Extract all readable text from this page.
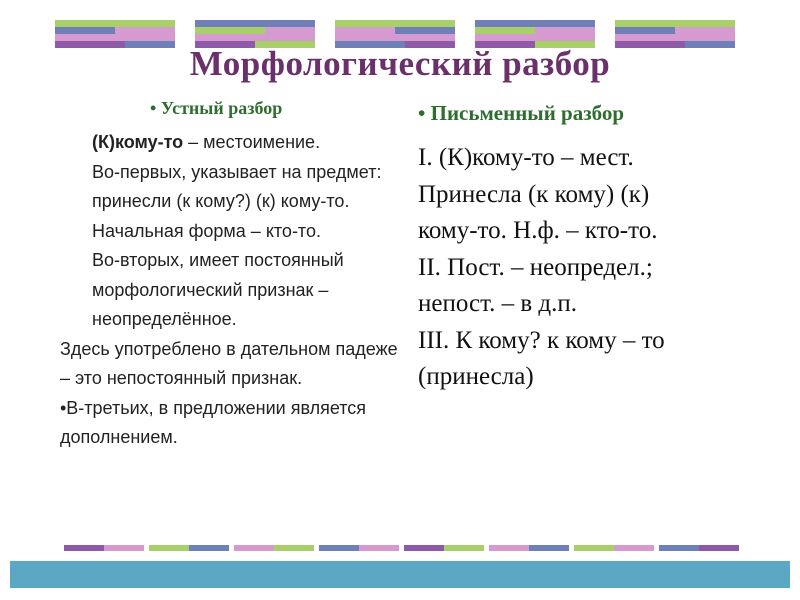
Морфологический разбор
• Устный разбор

(К)кому-то – местоимение.

Во-первых, указывает на предмет: принесли (к кому?) (к) кому-то. Начальная форма – кто-то.

Во-вторых, имеет постоянный морфологический признак – неопределённое.

Здесь употреблено в дательном падеже – это непостоянный признак.

•В-третьих, в предложении является дополнением.

• Письменный разбор

I. (К)кому-то – мест.

Принесла (к кому) (к)

кому-то. Н.ф. – кто-то.

II. Пост. – неопредел.;

непост. – в д.п.

III. К кому? к кому – то

(принесла)
